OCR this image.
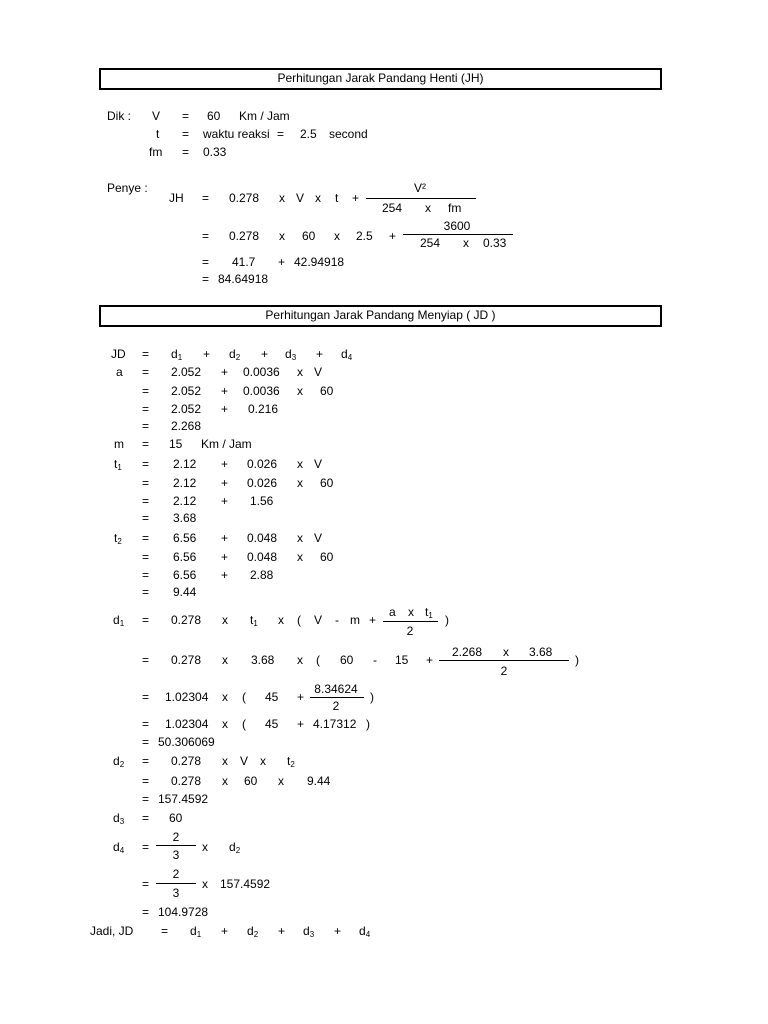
Perhitungan Jarak Pandang Henti (JH)
Dik : V = 60 Km / Jam
t = waktu reaksi = 2.5 second
fm = 0.33
Penye :
JH = 0.278 x V x t +
V²
254 x fm
= 0.278 x 60 x 2.5 +
3600
254 x 0.33
= 41.7 + 42.94918
= 84.64918
Perhitungan Jarak Pandang Menyiap ( JD )
JD = $d_1 + d_2 + d_3 + d_4$
a = 2.052 + 0.0036 x V
= 2.052 + 0.0036 x 60
= 2.052 + 0.216
= 2.268
m = 15 Km / Jam
$t_1 = 2.12 + 0.026$ x V
= 2.12 + 0.026 x 60
= 2.12 + 1.56
= 3.68
$t_2 = 6.56 + 0.048$ x V
= 6.56 + 0.048 x 60
= 6.56 + 2.88
= 9.44
$d_1 = 0.278$ x $t_1$ x ( V - m +
a x $t_1$
2
)
= 0.278 x 3.68 x ( 60 - 15 +
2.268 x 3.68
2
)
= 1.02304 x ( 45 +
8.34624
2
)
= 1.02304 x ( 45 + 4.17312 )
= 50.306069
$d_2 = 0.278$ x V x $t_2$
= 0.278 x 60 x 9.44
= 157.4592
$d_3 = 60$
$d_4$ =
2
3
x $d_2$
=
2
3
x 157.4592
= 104.9728
Jadi, JD = $d_1 + d_2 + d_3 + d_4$
